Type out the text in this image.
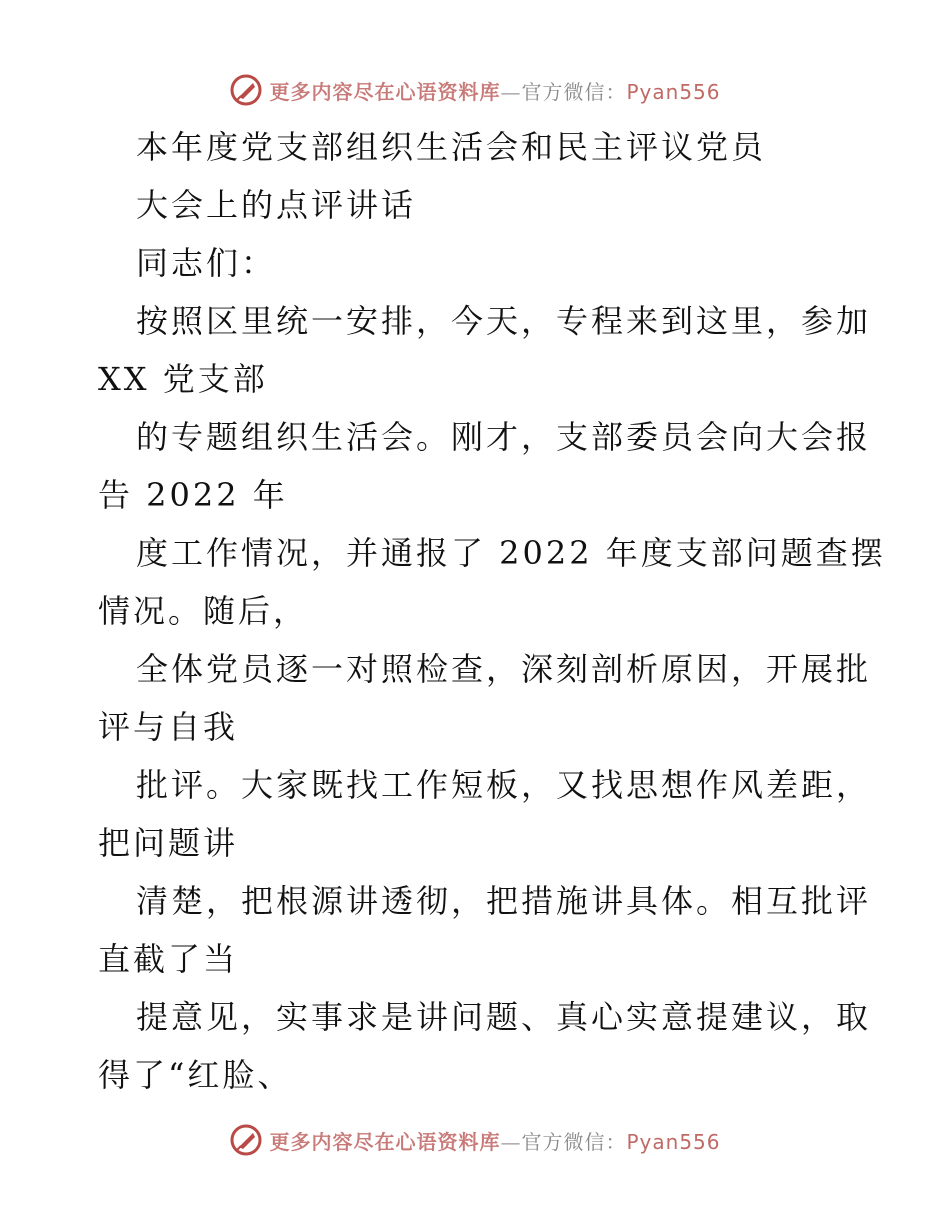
更多内容尽在心语资料库—官方微信：Pyan556
本年度党支部组织生活会和民主评议党员
大会上的点评讲话
同志们：
按照区里统一安排，今天，专程来到这里，参加
XX 党支部
的专题组织生活会。刚才，支部委员会向大会报
告 2022 年
度工作情况，并通报了 2022 年度支部问题查摆
情况。随后，
全体党员逐一对照检查，深刻剖析原因，开展批
评与自我
批评。大家既找工作短板，又找思想作风差距，
把问题讲
清楚，把根源讲透彻，把措施讲具体。相互批评
直截了当
提意见，实事求是讲问题、真心实意提建议，取
得了“红脸、
更多内容尽在心语资料库—官方微信：Pyan556
